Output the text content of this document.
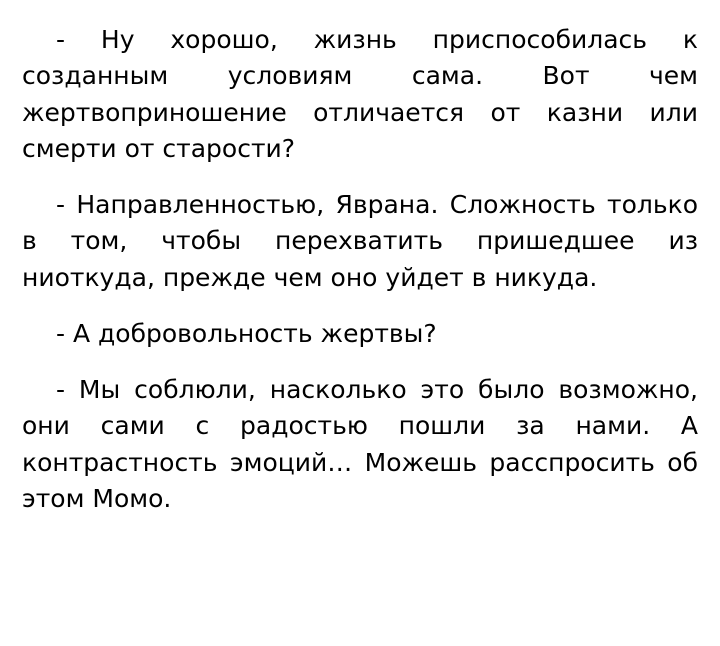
- Ну хорошо, жизнь приспособилась к созданным условиям сама. Вот чем жертвоприношение отличается от казни или смерти от старости?

- Направленностью, Яврана. Сложность только в том, чтобы перехватить пришедшее из ниоткуда, прежде чем оно уйдет в никуда.

- А добровольность жертвы?

- Мы соблюли, насколько это было возможно, они сами с радостью пошли за нами. А контрастность эмоций… Можешь расспросить об этом Момо.
